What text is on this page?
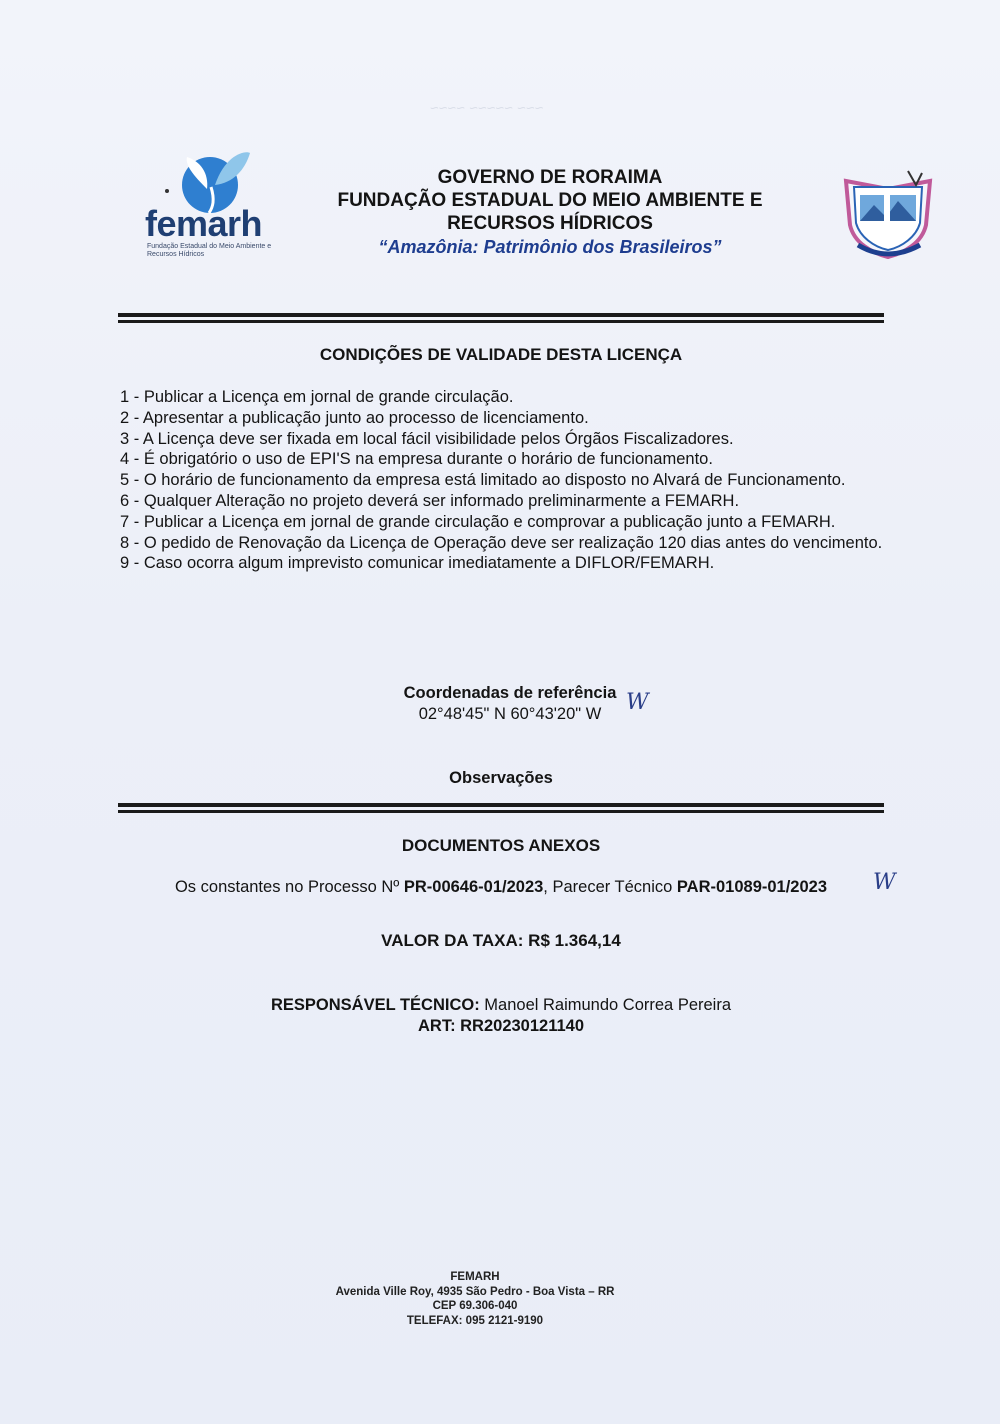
~~~ ~~~~~ ~~~~
femarh
Fundação Estadual do Meio Ambiente e Recursos Hídricos
GOVERNO DE RORAIMA
FUNDAÇÃO ESTADUAL DO MEIO AMBIENTE E
RECURSOS HÍDRICOS
“Amazônia: Patrimônio dos Brasileiros”
CONDIÇÕES DE VALIDADE DESTA LICENÇA
1 - Publicar a Licença em jornal de grande circulação.
2 - Apresentar a publicação junto ao processo de licenciamento.
3 - A Licença deve ser fixada em local fácil visibilidade pelos Órgãos Fiscalizadores.
4 - É obrigatório o uso de EPI'S na empresa durante o horário de funcionamento.
5 - O horário de funcionamento da empresa está limitado ao disposto no Alvará de Funcionamento.
6 - Qualquer Alteração no projeto deverá ser informado preliminarmente a FEMARH.
7 - Publicar a Licença em jornal de grande circulação e comprovar a publicação junto a FEMARH.
8 - O pedido de Renovação da Licença de Operação deve ser realização 120 dias antes do vencimento.
9 - Caso ocorra algum imprevisto comunicar imediatamente a DIFLOR/FEMARH.
Coordenadas de referência
02°48'45" N 60°43'20" W	W
Observações
DOCUMENTOS ANEXOS
Os constantes no Processo Nº PR-00646-01/2023, Parecer Técnico PAR-01089-01/2023	W
VALOR DA TAXA: R$ 1.364,14
RESPONSÁVEL TÉCNICO: Manoel Raimundo Correa Pereira
ART: RR20230121140
FEMARH
Avenida Ville Roy, 4935 São Pedro - Boa Vista – RR
CEP 69.306-040
TELEFAX: 095 2121-9190
